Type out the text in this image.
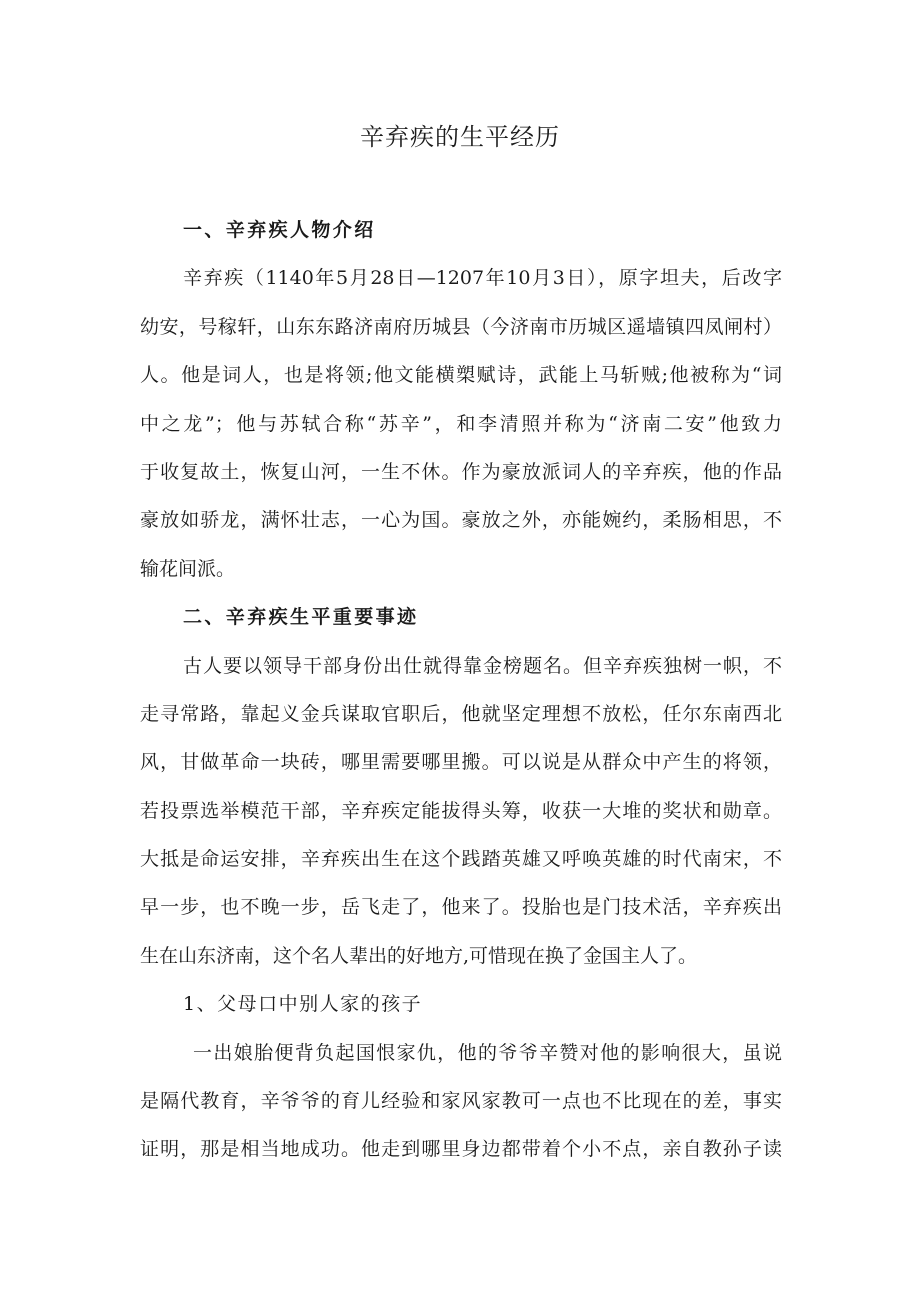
辛弃疾的生平经历
一、辛弃疾人物介绍
辛弃疾（1140年5月28日—1207年10月3日），原字坦夫，后改字
幼安，号稼轩，山东东路济南府历城县（今济南市历城区遥墙镇四凤闸村）
人。他是词人，也是将领;他文能横槊赋诗，武能上马斩贼;他被称为“词
中之龙”；他与苏轼合称“苏辛”，和李清照并称为“济南二安”他致力
于收复故土，恢复山河，一生不休。作为豪放派词人的辛弃疾，他的作品
豪放如骄龙，满怀壮志，一心为国。豪放之外，亦能婉约，柔肠相思，不
输花间派。
二、辛弃疾生平重要事迹
古人要以领导干部身份出仕就得靠金榜题名。但辛弃疾独树一帜，不
走寻常路，靠起义金兵谋取官职后，他就坚定理想不放松，任尔东南西北
风，甘做革命一块砖，哪里需要哪里搬。可以说是从群众中产生的将领，
若投票选举模范干部，辛弃疾定能拔得头筹，收获一大堆的奖状和勋章。
大抵是命运安排，辛弃疾出生在这个践踏英雄又呼唤英雄的时代南宋，不
早一步，也不晚一步，岳飞走了，他来了。投胎也是门技术活，辛弃疾出
生在山东济南，这个名人辈出的好地方,可惜现在换了金国主人了。
1、父母口中别人家的孩子
一出娘胎便背负起国恨家仇，他的爷爷辛赞对他的影响很大，虽说
是隔代教育，辛爷爷的育儿经验和家风家教可一点也不比现在的差，事实
证明，那是相当地成功。他走到哪里身边都带着个小不点，亲自教孙子读
